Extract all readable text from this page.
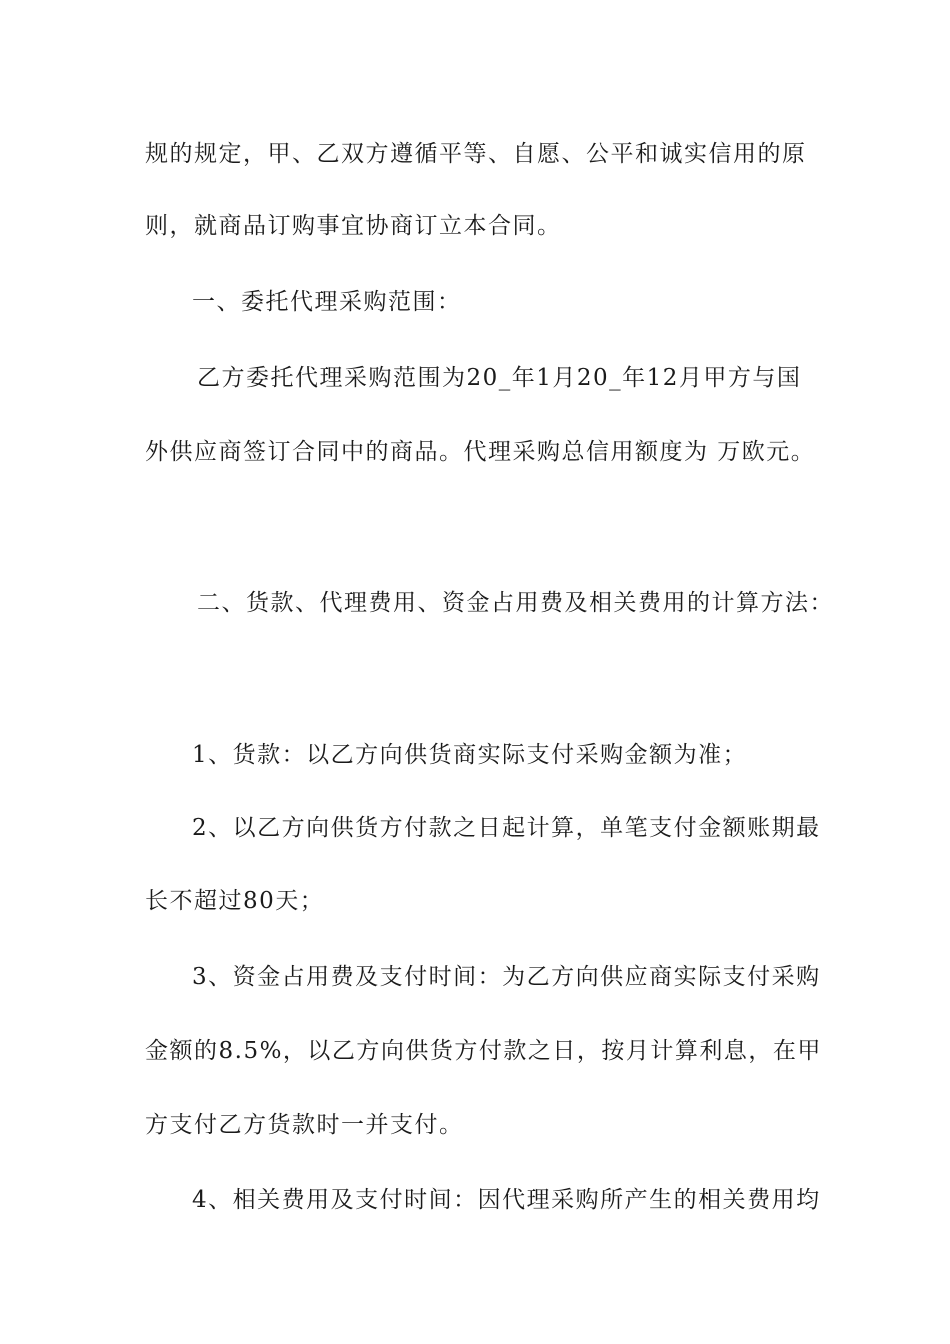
规的规定，甲、乙双方遵循平等、自愿、公平和诚实信用的原
则，就商品订购事宜协商订立本合同。
一、委托代理采购范围：
乙方委托代理采购范围为20_年1月20_年12月甲方与国
外供应商签订合同中的商品。代理采购总信用额度为 万欧元。
二、货款、代理费用、资金占用费及相关费用的计算方法：
1、货款：以乙方向供货商实际支付采购金额为准；
2、以乙方向供货方付款之日起计算，单笔支付金额账期最
长不超过80天；
3、资金占用费及支付时间：为乙方向供应商实际支付采购
金额的8.5%，以乙方向供货方付款之日，按月计算利息，在甲
方支付乙方货款时一并支付。
4、相关费用及支付时间：因代理采购所产生的相关费用均
